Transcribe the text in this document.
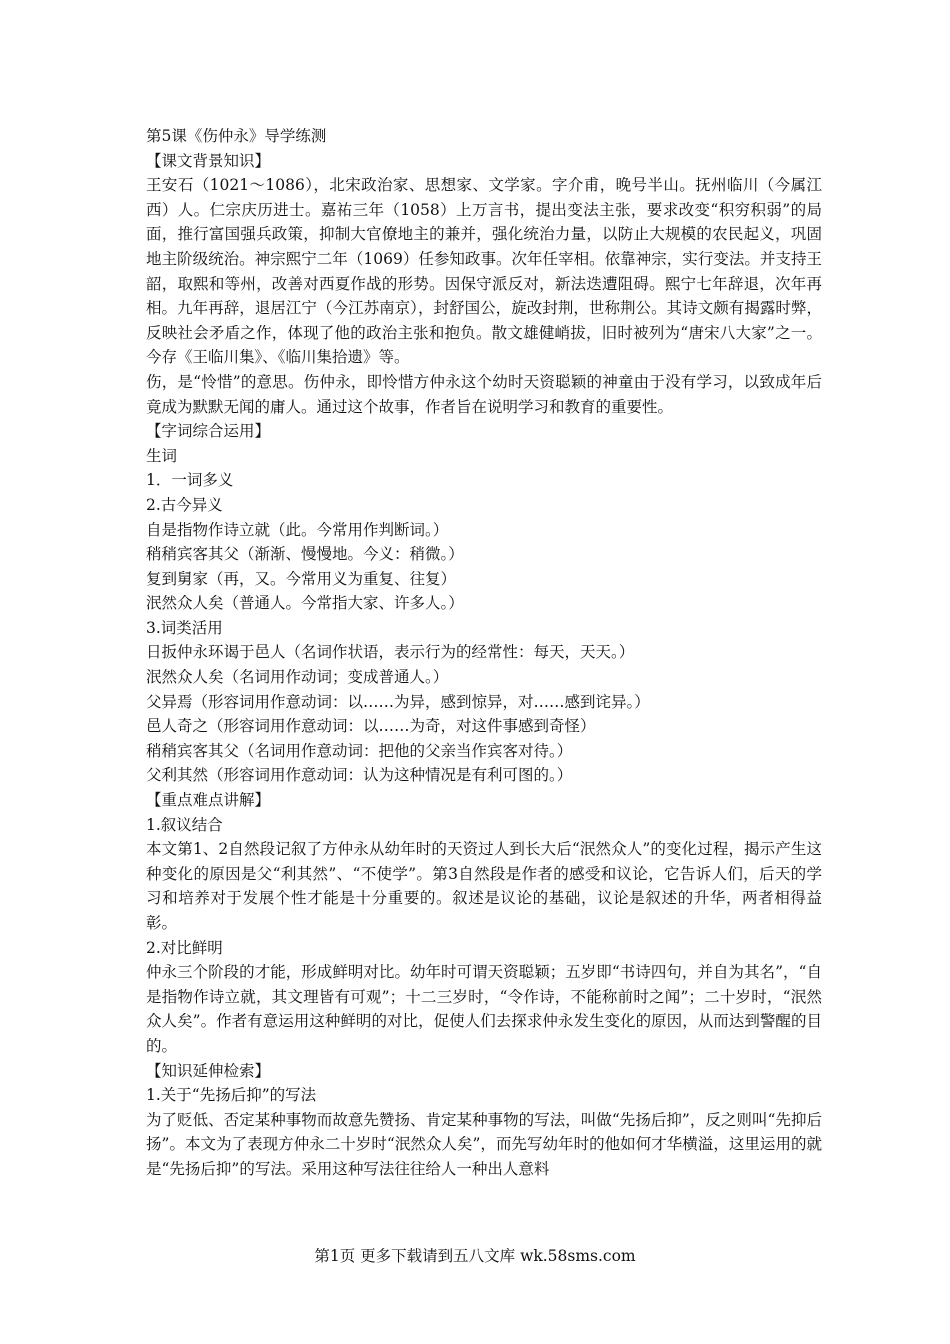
第5课《伤仲永》导学练测

【课文背景知识】

王安石（1021～1086），北宋政治家、思想家、文学家。字介甫，晚号半山。抚州临川（今属江西）人。仁宗庆历进士。嘉祐三年（1058）上万言书，提出变法主张，要求改变“积穷积弱”的局面，推行富国强兵政策，抑制大官僚地主的兼并，强化统治力量，以防止大规模的农民起义，巩固地主阶级统治。神宗熙宁二年（1069）任参知政事。次年任宰相。依靠神宗，实行变法。并支持王韶，取熙和等州，改善对西夏作战的形势。因保守派反对，新法迭遭阻碍。熙宁七年辞退，次年再相。九年再辞，退居江宁（今江苏南京），封舒国公，旋改封荆，世称荆公。其诗文颇有揭露时弊，反映社会矛盾之作，体现了他的政治主张和抱负。散文雄健峭拔，旧时被列为“唐宋八大家”之一。今存《王临川集》、《临川集拾遗》等。

伤，是“怜惜”的意思。伤仲永，即怜惜方仲永这个幼时天资聪颖的神童由于没有学习，以致成年后竟成为默默无闻的庸人。通过这个故事，作者旨在说明学习和教育的重要性。

【字词综合运用】

生词

1．一词多义

2.古今异义

自是指物作诗立就（此。今常用作判断词。）

稍稍宾客其父（渐渐、慢慢地。今义：稍微。）

复到舅家（再，又。今常用义为重复、往复）

泯然众人矣（普通人。今常指大家、许多人。）

3.词类活用

日扳仲永环谒于邑人（名词作状语，表示行为的经常性：每天，天天。）

泯然众人矣（名词用作动词；变成普通人。）

父异焉（形容词用作意动词：以……为异，感到惊异，对……感到诧异。）

邑人奇之（形容词用作意动词：以……为奇，对这件事感到奇怪）

稍稍宾客其父（名词用作意动词：把他的父亲当作宾客对待。）

父利其然（形容词用作意动词：认为这种情况是有利可图的。）

【重点难点讲解】

1.叙议结合

本文第1、2自然段记叙了方仲永从幼年时的天资过人到长大后“泯然众人”的变化过程，揭示产生这种变化的原因是父“利其然”、“不使学”。第3自然段是作者的感受和议论，它告诉人们，后天的学习和培养对于发展个性才能是十分重要的。叙述是议论的基础，议论是叙述的升华，两者相得益彰。

2.对比鲜明

仲永三个阶段的才能，形成鲜明对比。幼年时可谓天资聪颖；五岁即“书诗四句，并自为其名”，“自是指物作诗立就，其文理皆有可观”；十二三岁时，“令作诗，不能称前时之闻”；二十岁时，“泯然众人矣”。作者有意运用这种鲜明的对比，促使人们去探求仲永发生变化的原因，从而达到警醒的目的。

【知识延伸检索】

1.关于“先扬后抑”的写法

为了贬低、否定某种事物而故意先赞扬、肯定某种事物的写法，叫做“先扬后抑”，反之则叫“先抑后扬”。本文为了表现方仲永二十岁时“泯然众人矣”，而先写幼年时的他如何才华横溢，这里运用的就是“先扬后抑”的写法。采用这种写法往往给人一种出人意料

第1页 更多下载请到五八文库 wk.58sms.com
